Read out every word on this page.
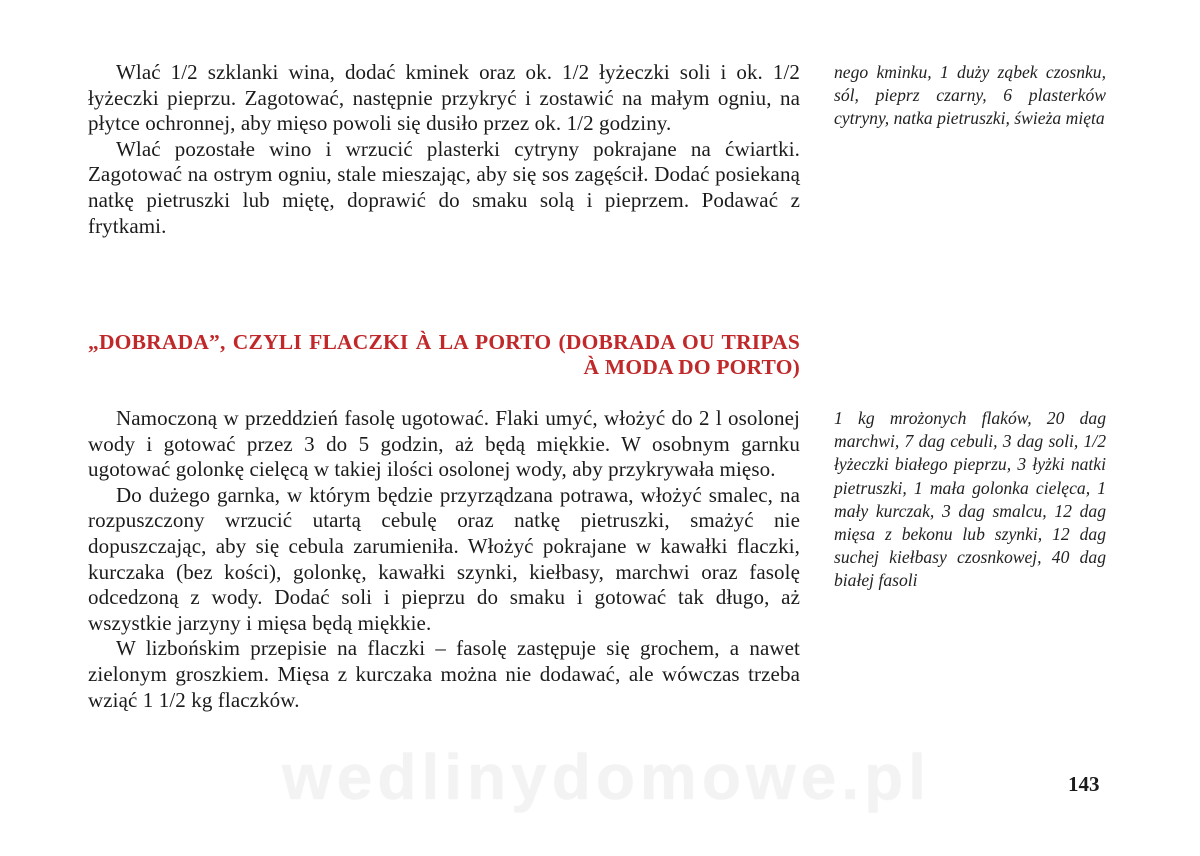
Wlać 1/2 szklanki wina, dodać kminek oraz ok. 1/2 łyżeczki soli i ok. 1/2 łyżeczki pieprzu. Zagotować, następnie przykryć i zostawić na małym ogniu, na płytce ochronnej, aby mięso powoli się dusiło przez ok. 1/2 godziny.

Wlać pozostałe wino i wrzucić plasterki cytryny pokrajane na ćwiartki. Zagotować na ostrym ogniu, stale mieszając, aby się sos zagęścił. Dodać posiekaną natkę pietruszki lub miętę, doprawić do smaku solą i pieprzem. Podawać z frytkami.

nego kminku, 1 duży ząbek czosnku, sól, pieprz czarny, 6 plasterków cytryny, natka pietruszki, świeża mięta

„DOBRADA”, CZYLI FLACZKI À LA PORTO (DOBRADA OU TRIPAS À MODA DO PORTO)

Namoczoną w przeddzień fasolę ugotować. Flaki umyć, włożyć do 2 l osolonej wody i gotować przez 3 do 5 godzin, aż będą miękkie. W osobnym garnku ugotować golonkę cielęcą w takiej ilości osolonej wody, aby przykrywała mięso.

Do dużego garnka, w którym będzie przyrządzana potrawa, włożyć smalec, na rozpuszczony wrzucić utartą cebulę oraz natkę pietruszki, smażyć nie dopuszczając, aby się cebula zarumieniła. Włożyć pokrajane w kawałki flaczki, kurczaka (bez kości), golonkę, kawałki szynki, kiełbasy, marchwi oraz fasolę odcedzoną z wody. Dodać soli i pieprzu do smaku i gotować tak długo, aż wszystkie jarzyny i mięsa będą miękkie.

W lizbońskim przepisie na flaczki – fasolę zastępuje się grochem, a nawet zielonym groszkiem. Mięsa z kurczaka można nie dodawać, ale wówczas trzeba wziąć 1 1/2 kg flaczków.

1 kg mrożonych flaków, 20 dag marchwi, 7 dag cebuli, 3 dag soli, 1/2 łyżeczki białego pieprzu, 3 łyżki natki pietruszki, 1 mała golonka cielęca, 1 mały kurczak, 3 dag smalcu, 12 dag mięsa z bekonu lub szynki, 12 dag suchej kiełbasy czosnkowej, 40 dag białej fasoli

wedlinydomowe.pl	143
